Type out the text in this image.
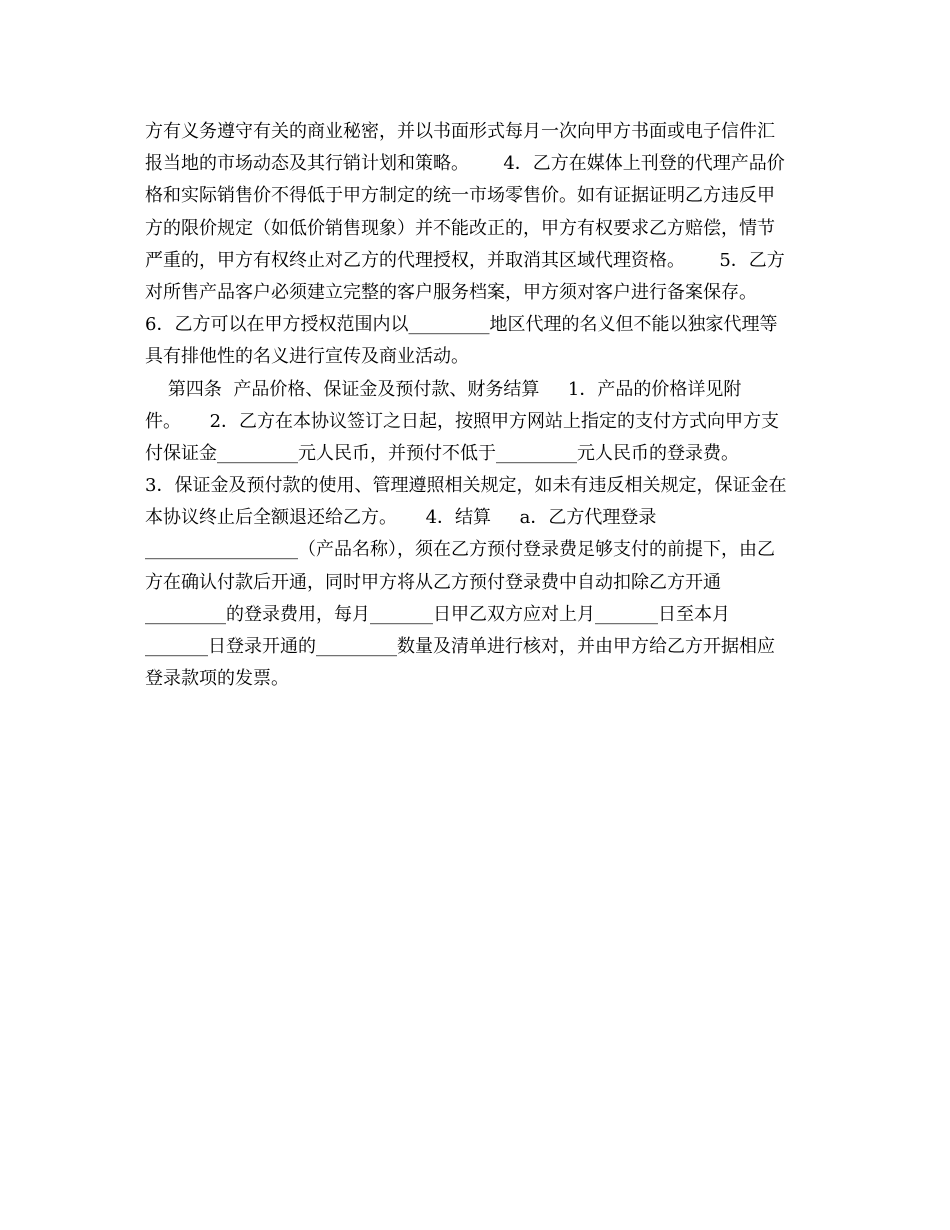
方有义务遵守有关的商业秘密，并以书面形式每月一次向甲方书面或电子信件汇
报当地的市场动态及其行销计划和策略。      4．乙方在媒体上刊登的代理产品价
格和实际销售价不得低于甲方制定的统一市场零售价。如有证据证明乙方违反甲
方的限价规定（如低价销售现象）并不能改正的，甲方有权要求乙方赔偿，情节
严重的，甲方有权终止对乙方的代理授权，并取消其区域代理资格。      5．乙方
对所售产品客户必须建立完整的客户服务档案，甲方须对客户进行备案保存。
6．乙方可以在甲方授权范围内以_________地区代理的名义但不能以独家代理等
具有排他性的名义进行宣传及商业活动。
第四条  产品价格、保证金及预付款、财务结算     1．产品的价格详见附
件。     2．乙方在本协议签订之日起，按照甲方网站上指定的支付方式向甲方支
付保证金_________元人民币，并预付不低于_________元人民币的登录费。
3．保证金及预付款的使用、管理遵照相关规定，如未有违反相关规定，保证金在
本协议终止后全额退还给乙方。     4．结算     a．乙方代理登录
_________________（产品名称），须在乙方预付登录费足够支付的前提下，由乙
方在确认付款后开通，同时甲方将从乙方预付登录费中自动扣除乙方开通
_________的登录费用，每月_______日甲乙双方应对上月_______日至本月
_______日登录开通的_________数量及清单进行核对，并由甲方给乙方开据相应
登录款项的发票。
